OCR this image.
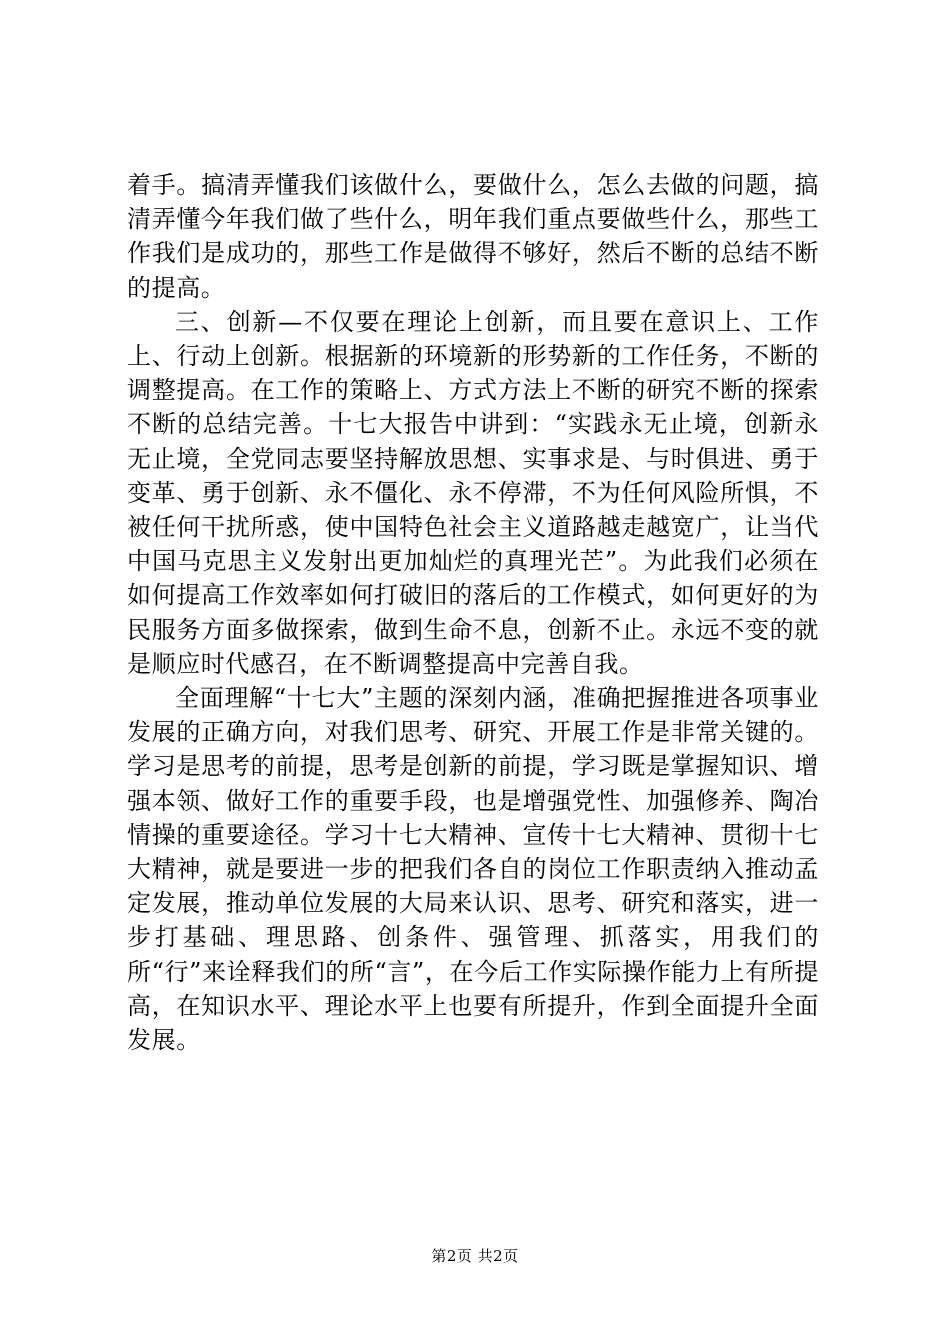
着手。搞清弄懂我们该做什么，要做什么，怎么去做的问题，搞清弄懂今年我们做了些什么，明年我们重点要做些什么，那些工作我们是成功的，那些工作是做得不够好，然后不断的总结不断的提高。

三、创新—不仅要在理论上创新，而且要在意识上、工作上、行动上创新。根据新的环境新的形势新的工作任务，不断的调整提高。在工作的策略上、方式方法上不断的研究不断的探索不断的总结完善。十七大报告中讲到：“实践永无止境，创新永无止境，全党同志要坚持解放思想、实事求是、与时俱进、勇于变革、勇于创新、永不僵化、永不停滞，不为任何风险所惧，不被任何干扰所惑，使中国特色社会主义道路越走越宽广，让当代中国马克思主义发射出更加灿烂的真理光芒”。为此我们必须在如何提高工作效率如何打破旧的落后的工作模式，如何更好的为民服务方面多做探索，做到生命不息，创新不止。永远不变的就是顺应时代感召，在不断调整提高中完善自我。

全面理解“十七大”主题的深刻内涵，准确把握推进各项事业发展的正确方向，对我们思考、研究、开展工作是非常关键的。学习是思考的前提，思考是创新的前提，学习既是掌握知识、增强本领、做好工作的重要手段，也是增强党性、加强修养、陶冶情操的重要途径。学习十七大精神、宣传十七大精神、贯彻十七大精神，就是要进一步的把我们各自的岗位工作职责纳入推动孟定发展，推动单位发展的大局来认识、思考、研究和落实，进一步打基础、理思路、创条件、强管理、抓落实，用我们的所“行”来诠释我们的所“言”，在今后工作实际操作能力上有所提高，在知识水平、理论水平上也要有所提升，作到全面提升全面发展。

第2页 共2页
